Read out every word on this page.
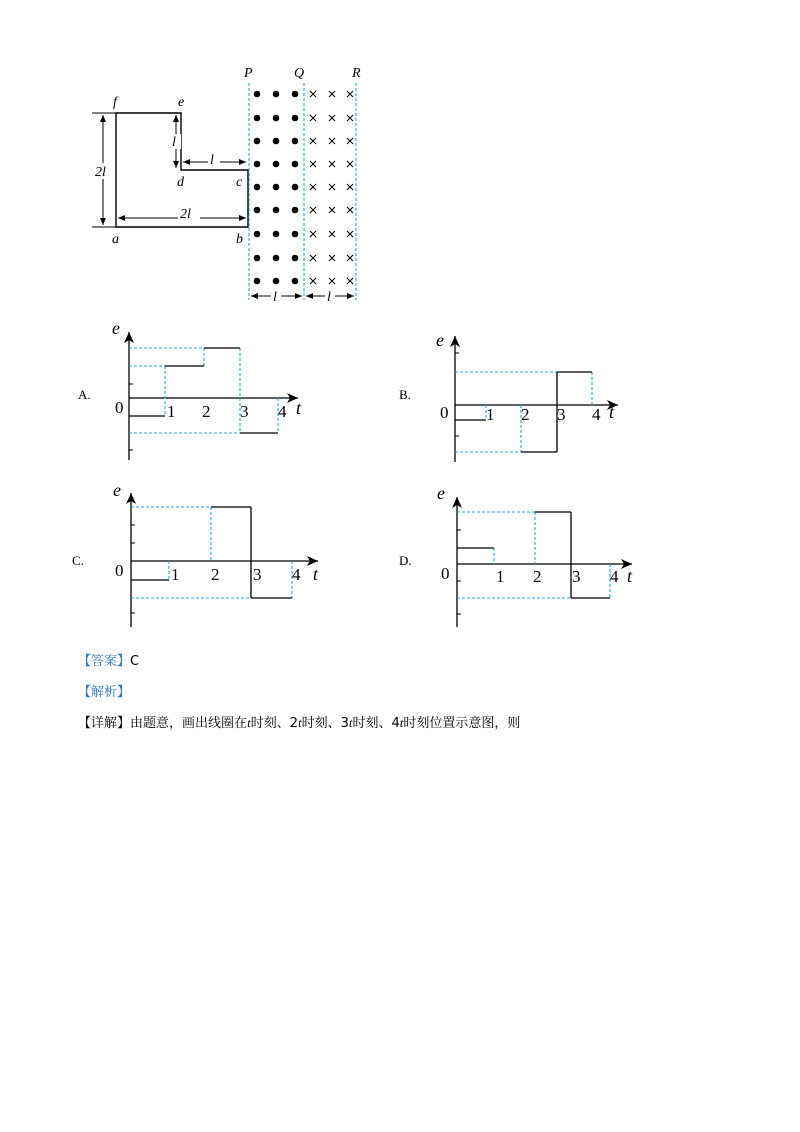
f	e
d	c
a	b
2l
l
l
2l
P	Q	R
l	l
A.
e
t
0	1 2 3 4
B.
e
t
0 1 2 3 4
C.
e
t
0	1 2 3 4
D.
e
t
0	1 2 3 4
【答案】C
【解析】
【详解】由题意，画出线圈在t时刻、2t时刻、3t时刻、4t时刻位置示意图，则
